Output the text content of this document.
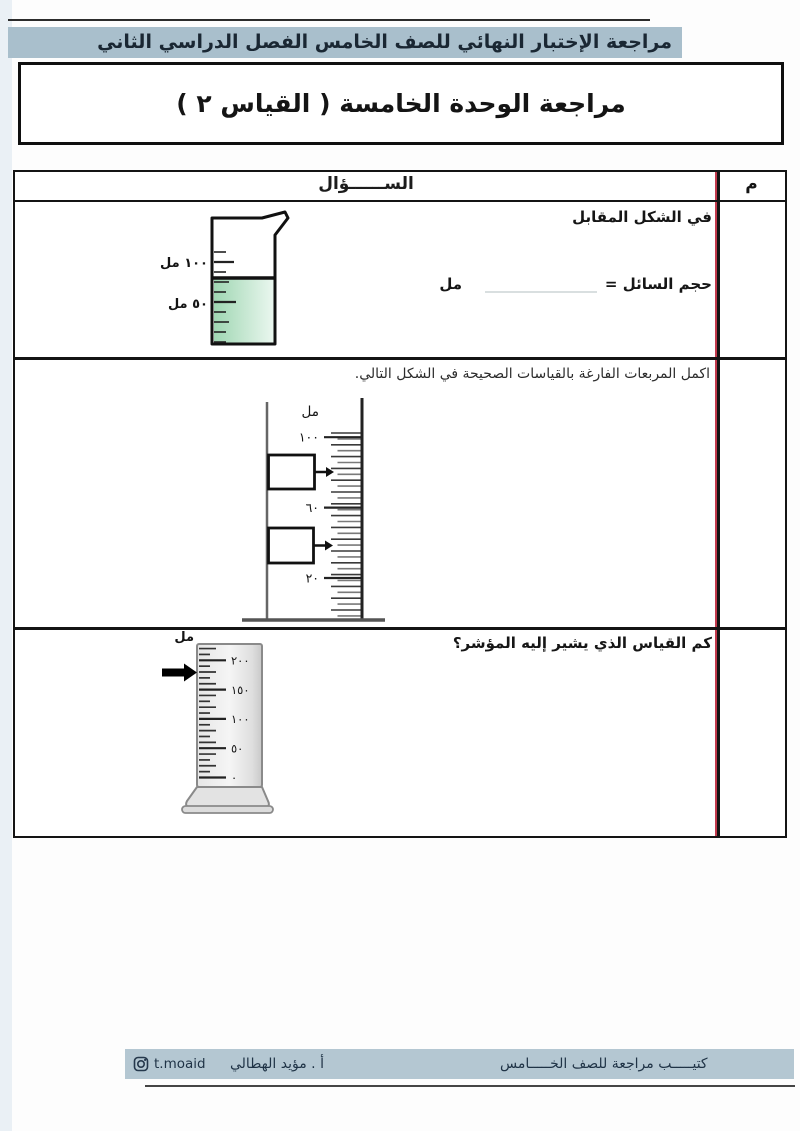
مراجعة الإختبار النهائي للصف الخامس الفصل الدراسي الثاني
مراجعة الوحدة الخامسة ( القياس ٢ )
الســــــؤال	م
في الشكل المقابل
حجم السائل =
مل
١٠٠ مل
٥٠ مل
اكمل المربعات الفارغة بالقياسات الصحيحة في الشكل التالي.
مل
١٠٠
٦٠
٢٠
كم القياس الذي يشير إليه المؤشر؟
٢٠٠
١٥٠
١٠٠
٥٠
٠
مل
t.moaid	أ . مؤيد الهطالي	كتيـــــب مراجعة للصف الخـــــامس
